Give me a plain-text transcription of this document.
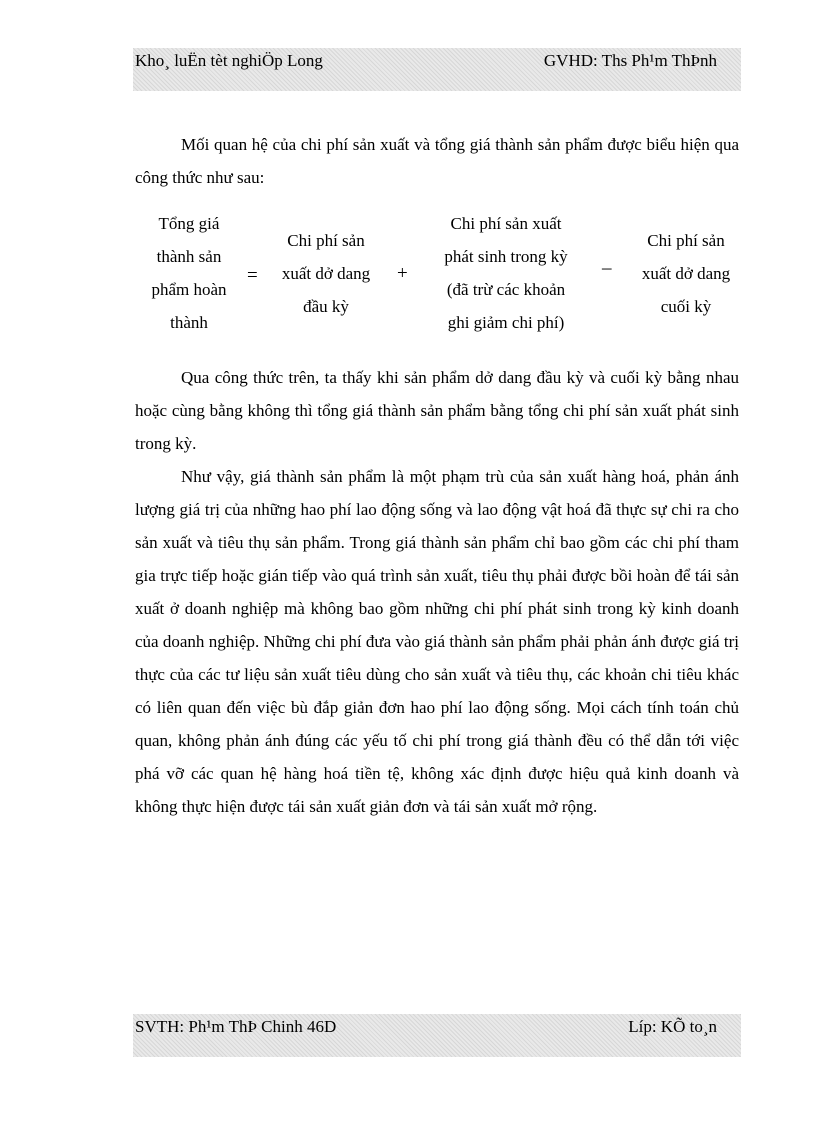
Kho¸ luËn tèt nghiÖp Long	GVHD: Ths Ph¹m ThÞnh

Mối quan hệ của chi phí sản xuất và tổng giá thành sản phẩm được biểu hiện qua công thức như sau:

Tổng giá
thành sản
phẩm hoàn
thành
=
Chi phí sản
xuất dở dang
đầu kỳ
+
Chi phí sản xuất
phát sinh trong kỳ
(đã trừ các khoản
ghi giảm chi phí)
_
Chi phí sản
xuất dở dang
cuối kỳ

Qua công thức trên, ta thấy khi sản phẩm dở dang đầu kỳ và cuối kỳ bằng nhau hoặc cùng bằng không thì tổng giá thành sản phẩm bằng tổng chi phí sản xuất phát sinh trong kỳ.

Như vậy, giá thành sản phẩm là một phạm trù của sản xuất hàng hoá, phản ánh lượng giá trị của những hao phí lao động sống và lao động vật hoá đã thực sự chi ra cho sản xuất và tiêu thụ sản phẩm. Trong giá thành sản phẩm chỉ bao gồm các chi phí tham gia trực tiếp hoặc gián tiếp vào quá trình sản xuất, tiêu thụ phải được bồi hoàn để tái sản xuất ở doanh nghiệp mà không bao gồm những chi phí phát sinh trong kỳ kinh doanh của doanh nghiệp. Những chi phí đưa vào giá thành sản phẩm phải phản ánh được giá trị thực của các tư liệu sản xuất tiêu dùng cho sản xuất và tiêu thụ, các khoản chi tiêu khác có liên quan đến việc bù đắp giản đơn hao phí lao động sống. Mọi cách tính toán chủ quan, không phản ánh đúng các yếu tố chi phí trong giá thành đều có thể dẫn tới việc phá vỡ các quan hệ hàng hoá tiền tệ, không xác định được hiệu quả kinh doanh và không thực hiện được tái sản xuất giản đơn và tái sản xuất mở rộng.

SVTH: Ph¹m ThÞ Chinh 46D	Líp: KÕ to¸n
